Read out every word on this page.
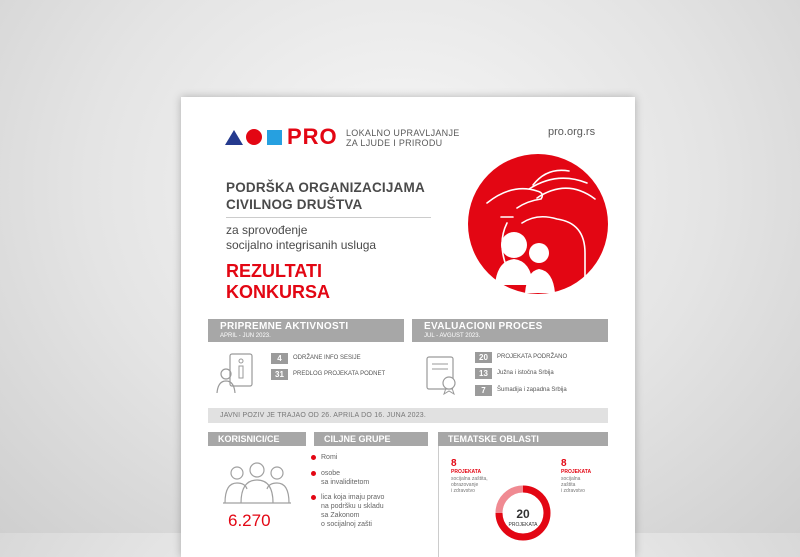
PRO LOKALNO UPRAVLJANJE
ZA LJUDE I PRIRODU
pro.org.rs
PODRŠKA ORGANIZACIJAMA
CIVILNOG DRUŠTVA
za sprovođenje
socijalno integrisanih usluga
REZULTATI
KONKURSA
PRIPREMNE AKTIVNOSTI
APRIL - JUN 2023.
4	ODRŽANE INFO SESIJE
31	PREDLOG PROJEKATA PODNET
EVALUACIONI PROCES
JUL - AVGUST 2023.
20	PROJEKATA PODRŽANO
13	Južna i istočna Srbija
7	Šumadija i zapadna Srbija
JAVNI POZIV JE TRAJAO OD 26. APRILA DO 16. JUNA 2023.
KORISNICI/CE
6.270
CILJNE GRUPE
Romi
osobe
sa invaliditetom
lica koja imaju pravo
na podršku u skladu
sa Zakonom
o socijalnoj zašti
TEMATSKE OBLASTI
8
PROJEKATA
socijalna zaštita,
obrazovanje
i zdravstvo
8
PROJEKATA
socijalna
zaštita
i zdravstvo
20
PROJEKATA
